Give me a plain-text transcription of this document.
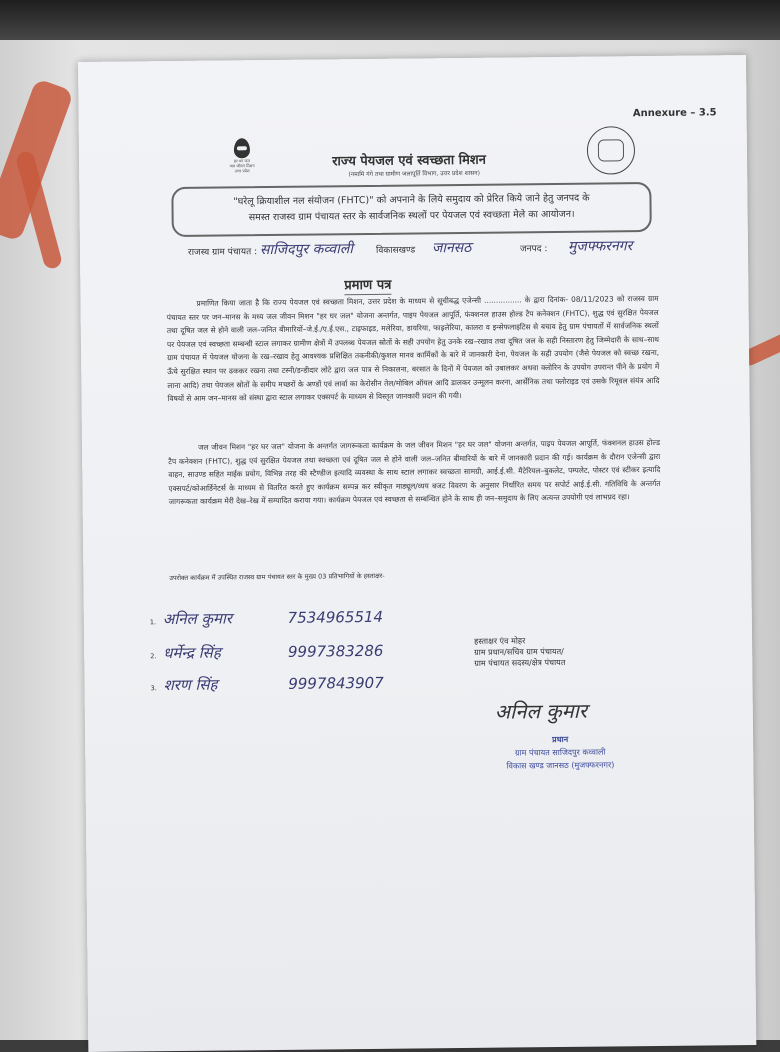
Annexure – 3.5
हर घर जल
जल जीवन मिशन
उत्तर प्रदेश
राज्य पेयजल एवं स्वच्छता मिशन
(नमामि गंगे तथा ग्रामीण जलापूर्ति विभाग, उत्तर प्रदेश शासन)
"घरेलू क्रियाशील नल संयोजन (FHTC)" को अपनाने के लिये समुदाय को प्रेरित किये जाने हेतु जनपद के
समस्त राजस्व ग्राम पंचायत स्तर के सार्वजनिक स्थलों पर पेयजल एवं स्वच्छता मेले का आयोजन।
राजस्व ग्राम पंचायत : साजिदपुर कव्वाली	विकासखण्ड जानसठ	जनपद : मुजफ्फरनगर
प्रमाण पत्र
प्रमाणित किया जाता है कि राज्य पेयजल एवं स्वच्छता मिशन, उत्तर प्रदेश के माध्यम से सूचीबद्ध एजेन्सी ................ के द्वारा दिनांक- 08/11/2023 को राजस्व ग्राम पंचायत स्तर पर जन–मानस के मध्य जल जीवन मिशन "हर घर जल" योजना अन्तर्गत, पाइप पेयजल आपूर्ति, फंक्शनल हाउस होल्ड टैप कनेक्शन (FHTC), शुद्ध एवं सुरक्षित पेयजल तथा दूषित जल से होने वाली जल–जनित बीमारियों–जे.ई./ए.ई.एस., टाइफाइड, मलेरिया, डायरिया, फाइलेरिया, कालरा व इन्सेफलाइटिस से बचाव हेतु ग्राम पंचायतों में सार्वजनिक स्थलों पर पेयजल एवं स्वच्छता सम्बन्धी स्टाल लगाकर ग्रामीण क्षेत्रों में उपलब्ध पेयजल स्रोतों के सही उपयोग हेतु उनके रख–रखाव तथा दूषित जल के सही निस्तारण हेतु जिम्मेदारी के साथ–साथ ग्राम पंचायत में पेयजल योजना के रख–रखाव हेतु आवश्यक प्रशिक्षित तकनीकी/कुशल मानव कार्मिकों के बारे में जानकारी देना, पेयजल के सही उपयोग (जैसे पेयजल को स्वच्छ रखना, ऊँचे सुरक्षित स्थान पर ढककर रखना तथा टस्नी/डन्डीदार लोटे द्वारा जल पात्र से निकालना, बरसात के दिनों में पेयजल को उबालकर अथवा क्लोरिन के उपयोग उपरान्त पीने के प्रयोग में लाना आदि) तथा पेयजल स्रोतों के समीप मच्छरों के अण्डों एवं लार्वा का केरोसीन तेल/मोबिल ऑयल आदि डालकर उन्मूलन करना, आर्सेनिक तथा फ्लोराइड एवं उसके रिमूवल संयंत्र आदि विषयों से आम जन–मानस को संस्था द्वारा स्टाल लगाकर एक्सपर्ट के माध्यम से विस्तृत जानकारी प्रदान की गयी।
जल जीवन मिशन "हर घर जल" योजना के अन्तर्गत जागरूकता कार्यक्रम के जल जीवन मिशन "हर घर जल" योजना अन्तर्गत, पाइप पेयजल आपूर्ति, फंक्शनल हाउस होल्ड टैप कनेक्शन (FHTC), शुद्ध एवं सुरक्षित पेयजल तथा स्वच्छता एवं दूषित जल से होने वाली जल–जनित बीमारियों के बारे में जानकारी प्रदान की गई। कार्यक्रम के दौरान एजेन्सी द्वारा वाहन, साउण्ड सहित माईक प्रयोग, विभिन्न तरह की स्टैण्डीज इत्यादि व्यवस्था के साथ स्टाल लगाकर स्वच्छता सामग्री, आई.ई.सी. मैटेरियल–बुकलेट, पम्पलेट, पोस्टर एवं स्टीकर इत्यादि एक्सपर्ट/कोआर्डिनेटर्स के माध्यम से वितरित करते हुए कार्यक्रम सम्पन्न कर स्वीकृत माड्यूल/व्यय बजट विवरण के अनुसार निर्धारित समय पर सपोर्ट आई.ई.सी. गतिविधि के अन्तर्गत जागरूकता कार्यक्रम मेरी देख–रेख में सम्पादित कराया गया। कार्यक्रम पेयजल एवं स्वच्छता से सम्बन्धित होने के साथ ही जन–समुदाय के लिए अत्यन्त उपयोगी एवं लाभप्रद रहा।
उपरोक्त कार्यक्रम में उपस्थित राजस्व ग्राम पंचायत स्तर के मुख्य 03 प्रतिभागियों के हस्ताक्षर-
1. अनिल कुमार	7534965514
2. धर्मेन्द्र सिंह	9997383286
3. शरण सिंह	9997843907
हस्ताक्षर एंव मोहर
ग्राम प्रधान/सचिव ग्राम पंचायत/
ग्राम पंचायत सदस्य/क्षेत्र पंचायत
अनिल कुमार
प्रधान
ग्राम पंचायत साजिदपुर कव्वाली
विकास खण्ड जानसठ (मुजफ्फरनगर)
